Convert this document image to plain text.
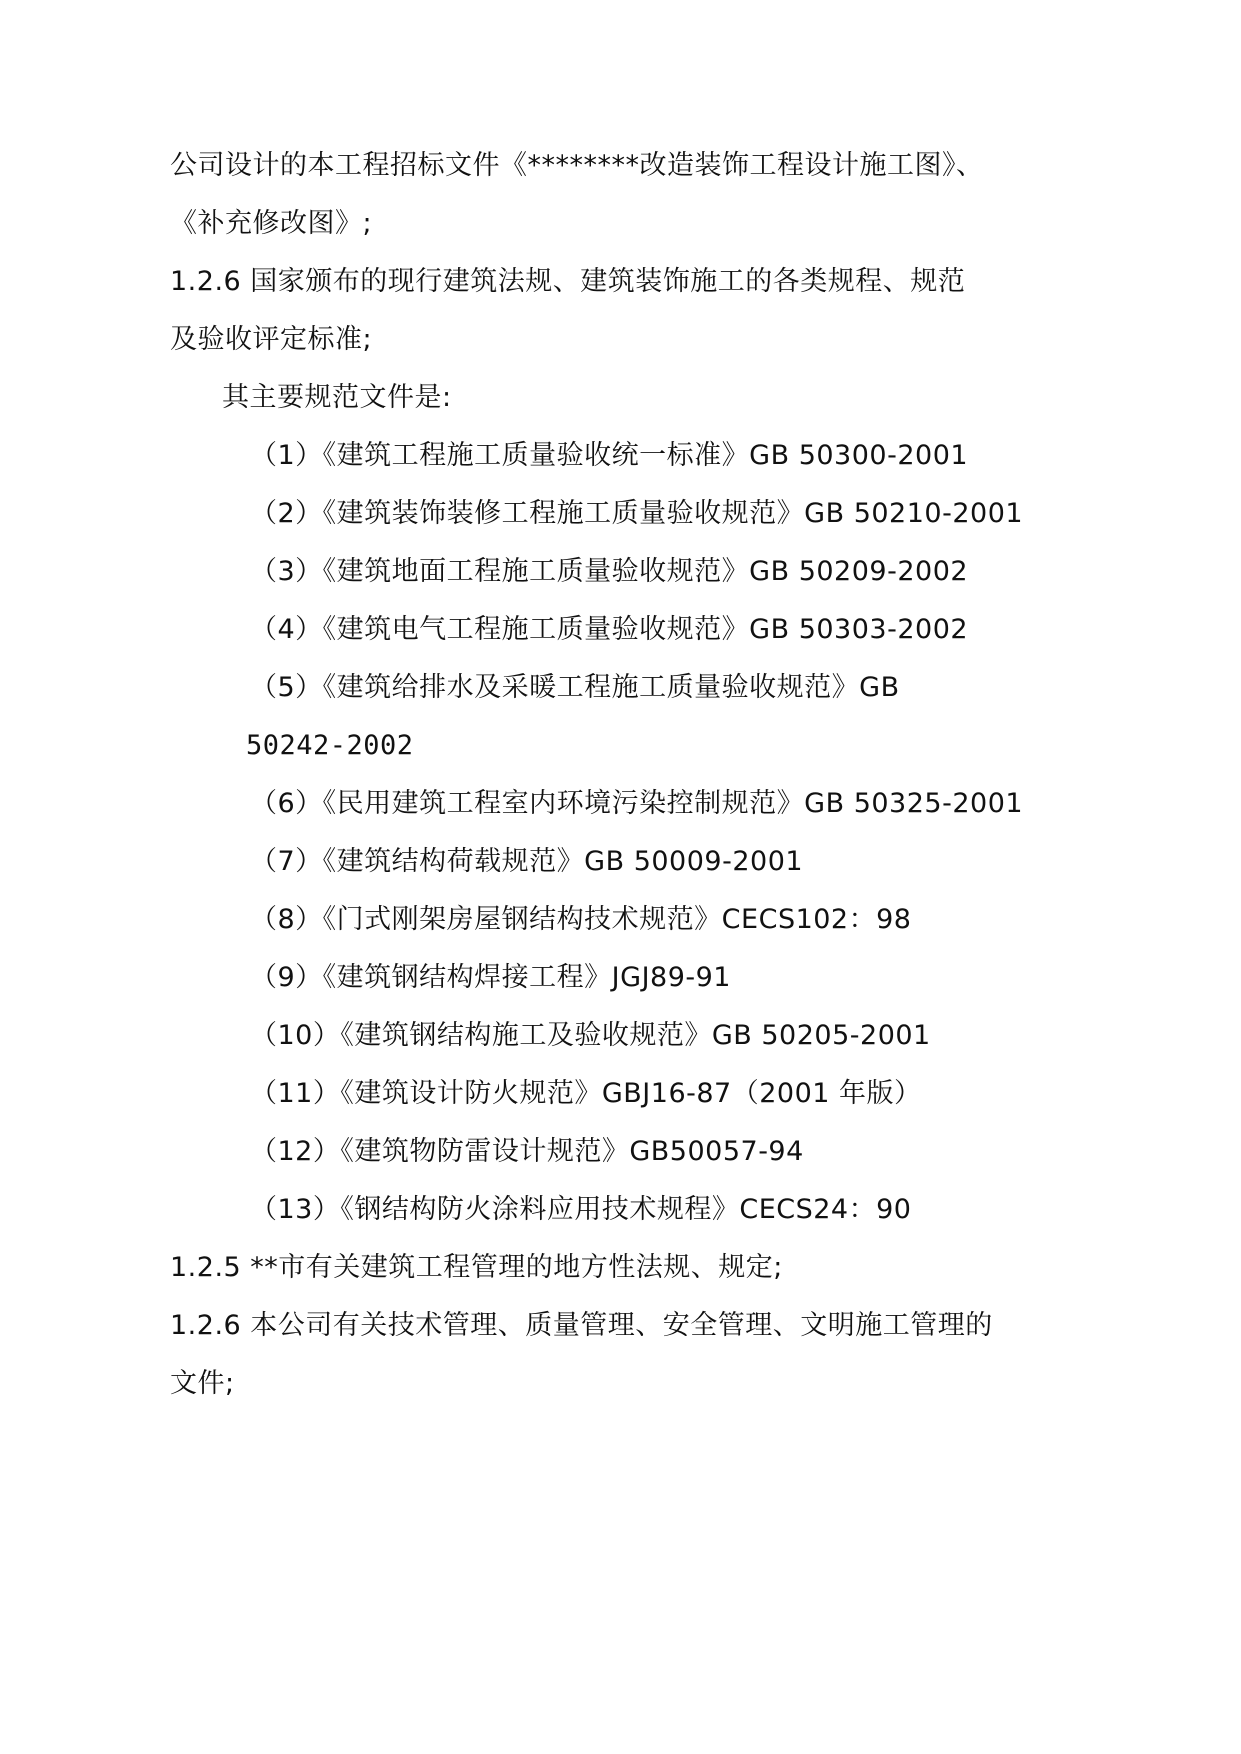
公司设计的本工程招标文件《********改造装饰工程设计施工图》、
《补充修改图》;
1.2.6 国家颁布的现行建筑法规、建筑装饰施工的各类规程、规范
及验收评定标准;
其主要规范文件是:
（1）《建筑工程施工质量验收统一标准》GB 50300-2001
（2）《建筑装饰装修工程施工质量验收规范》GB 50210-2001
（3）《建筑地面工程施工质量验收规范》GB 50209-2002
（4）《建筑电气工程施工质量验收规范》GB 50303-2002
（5）《建筑给排水及采暖工程施工质量验收规范》GB
50242-2002
（6）《民用建筑工程室内环境污染控制规范》GB 50325-2001
（7）《建筑结构荷载规范》GB 50009-2001
（8）《门式刚架房屋钢结构技术规范》CECS102：98
（9）《建筑钢结构焊接工程》JGJ89-91
（10）《建筑钢结构施工及验收规范》GB 50205-2001
（11）《建筑设计防火规范》GBJ16-87（2001 年版）
（12）《建筑物防雷设计规范》GB50057-94
（13）《钢结构防火涂料应用技术规程》CECS24：90
1.2.5 **市有关建筑工程管理的地方性法规、规定;
1.2.6 本公司有关技术管理、质量管理、安全管理、文明施工管理的
文件;
